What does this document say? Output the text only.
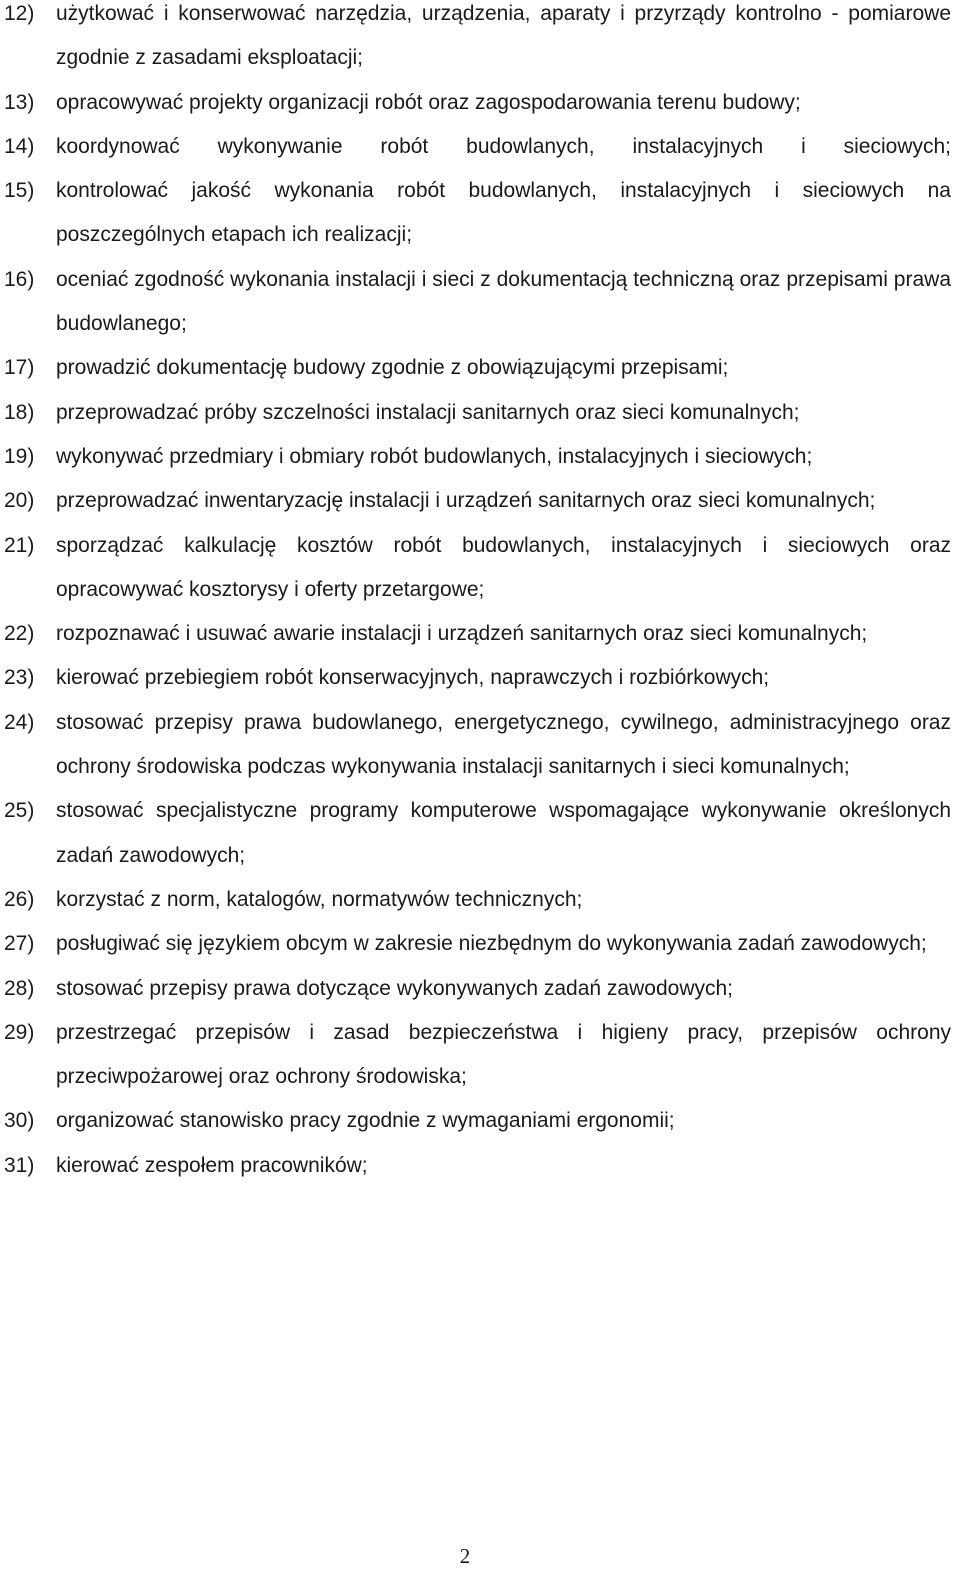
12) użytkować i konserwować narzędzia, urządzenia, aparaty i przyrządy kontrolno - pomiarowe zgodnie z zasadami eksploatacji;
13) opracowywać projekty organizacji robót oraz zagospodarowania terenu budowy;
14) koordynować wykonywanie robót budowlanych, instalacyjnych i sieciowych;
15) kontrolować jakość wykonania robót budowlanych, instalacyjnych i sieciowych na poszczególnych etapach ich realizacji;
16) oceniać zgodność wykonania instalacji i sieci z dokumentacją techniczną oraz przepisami prawa budowlanego;
17) prowadzić dokumentację budowy zgodnie z obowiązującymi przepisami;
18) przeprowadzać próby szczelności instalacji sanitarnych oraz sieci komunalnych;
19) wykonywać przedmiary i obmiary robót budowlanych, instalacyjnych i sieciowych;
20) przeprowadzać inwentaryzację instalacji i urządzeń sanitarnych oraz sieci komunalnych;
21) sporządzać kalkulację kosztów robót budowlanych, instalacyjnych i sieciowych oraz opracowywać kosztorysy i oferty przetargowe;
22) rozpoznawać i usuwać awarie instalacji i urządzeń sanitarnych oraz sieci komunalnych;
23) kierować przebiegiem robót konserwacyjnych, naprawczych i rozbiórkowych;
24) stosować przepisy prawa budowlanego, energetycznego, cywilnego, administracyjnego oraz ochrony środowiska podczas wykonywania instalacji sanitarnych i sieci komunalnych;
25) stosować specjalistyczne programy komputerowe wspomagające wykonywanie określonych zadań zawodowych;
26) korzystać z norm, katalogów, normatywów technicznych;
27) posługiwać się językiem obcym w zakresie niezbędnym do wykonywania zadań zawodowych;
28) stosować przepisy prawa dotyczące wykonywanych zadań zawodowych;
29) przestrzegać przepisów i zasad bezpieczeństwa i higieny pracy, przepisów ochrony przeciwpożarowej oraz ochrony środowiska;
30) organizować stanowisko pracy zgodnie z wymaganiami ergonomii;
31) kierować zespołem pracowników;
2
